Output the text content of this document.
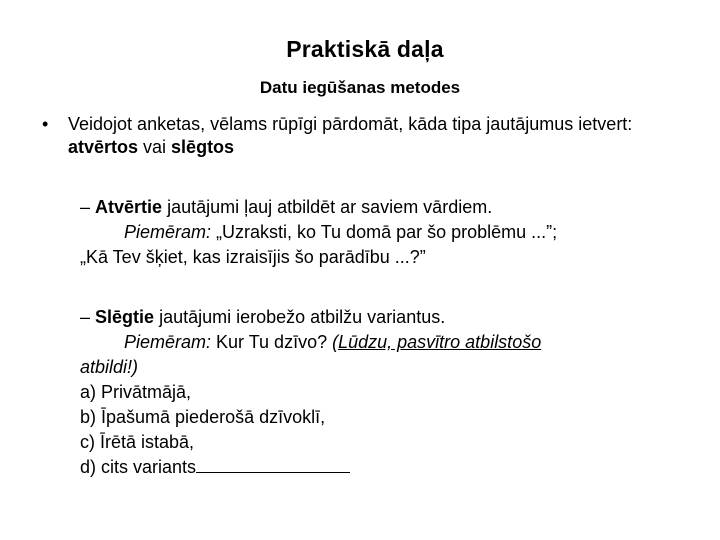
Praktiskā daļa
Datu iegūšanas metodes
• Veidojot anketas, vēlams rūpīgi pārdomāt, kāda tipa jautājumus ietvert: atvērtos vai slēgtos
– Atvērtie jautājumi ļauj atbildēt ar saviem vārdiem.
Piemēram: „Uzraksti, ko Tu domā par šo problēmu ...”;
„Kā Tev šķiet, kas izraisījis šo parādību ...?”
– Slēgtie jautājumi ierobežo atbilžu variantus.
Piemēram: Kur Tu dzīvo? (Lūdzu, pasvītro atbilstošo
atbildi!)
a) Privātmājā,
b) Īpašumā piederošā dzīvoklī,
c) Īrētā istabā,
d) cits variants
